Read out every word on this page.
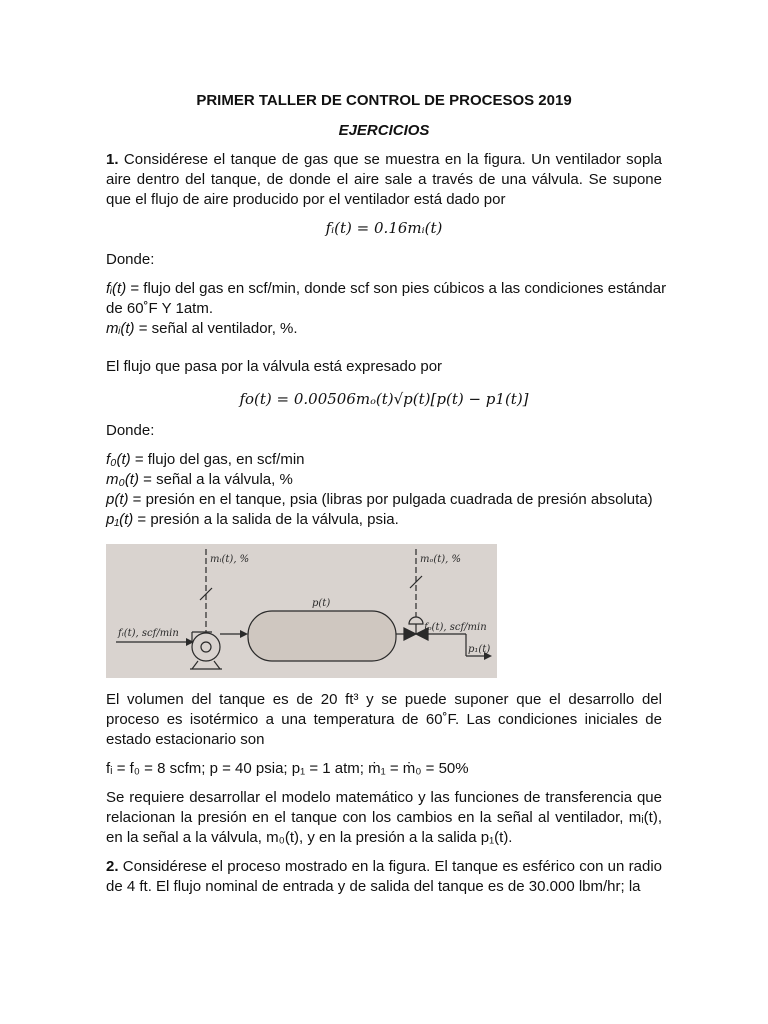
PRIMER TALLER DE CONTROL DE PROCESOS 2019
EJERCICIOS
1. Considérese el tanque de gas que se muestra en la figura. Un ventilador sopla aire dentro del tanque, de donde el aire sale a través de una válvula. Se supone que el flujo de aire producido por el ventilador está dado por
fᵢ(t) = 0.16mᵢ(t)
Donde:
fᵢ(t) = flujo del gas en scf/min, donde scf son pies cúbicos a las condiciones estándar
de 60˚F Y 1atm.
mᵢ(t) = señal al ventilador, %.
El flujo que pasa por la válvula está expresado por
fo(t) = 0.00506mₒ(t)√p(t)[p(t) − p1(t)]
Donde:
f₀(t) = flujo del gas, en scf/min
m₀(t) = señal a la válvula, %
p(t) = presión en el tanque, psia (libras por pulgada cuadrada de presión absoluta)
p₁(t) = presión a la salida de la válvula, psia.
mᵢ(t), %	mₒ(t), %
p(t)
fᵢ(t), scf/min
fₒ(t), scf/min
p₁(t)
El volumen del tanque es de 20 ft³ y se puede suponer que el desarrollo del proceso es isotérmico a una temperatura de 60˚F. Las condiciones iniciales de estado estacionario son
fᵢ = f₀ = 8 scfm; p = 40 psia; p₁ = 1 atm; ṁ₁ = ṁ₀ = 50%
Se requiere desarrollar el modelo matemático y las funciones de transferencia que relacionan la presión en el tanque con los cambios en la señal al ventilador, mᵢ(t), en la señal a la válvula, m₀(t), y en la presión a la salida p₁(t).
2. Considérese el proceso mostrado en la figura. El tanque es esférico con un radio de 4 ft. El flujo nominal de entrada y de salida del tanque es de 30.000 lbm/hr; la
